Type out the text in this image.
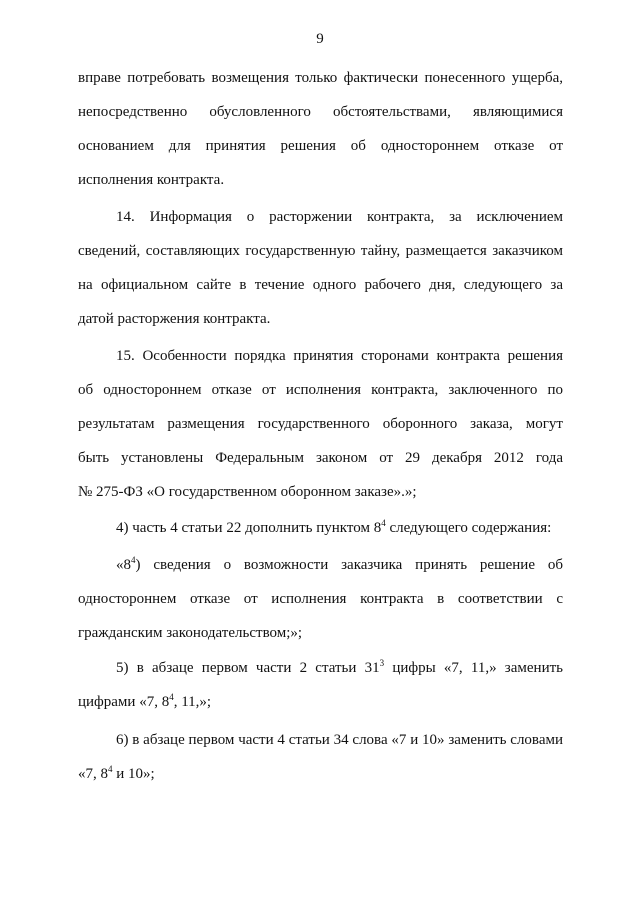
9
вправе потребовать возмещения только фактически понесенного ущерба,
непосредственно обусловленного обстоятельствами, являющимися
основанием для принятия решения об одностороннем отказе от
исполнения контракта.
14. Информация о расторжении контракта, за исключением
сведений, составляющих государственную тайну, размещается заказчиком
на официальном сайте в течение одного рабочего дня, следующего за
датой расторжения контракта.
15. Особенности порядка принятия сторонами контракта решения
об одностороннем отказе от исполнения контракта, заключенного по
результатам размещения государственного оборонного заказа, могут
быть установлены Федеральным законом от 29 декабря 2012 года
№ 275-ФЗ «О государственном оборонном заказе».»;
4) часть 4 статьи 22 дополнить пунктом $8^4$ следующего содержания:
«$8^4$) сведения о возможности заказчика принять решение об
одностороннем отказе от исполнения контракта в соответствии с
гражданским законодательством;»;
5) в абзаце первом части 2 статьи $31^3$ цифры «7, 11,» заменить
цифрами «7, $8^4$, 11,»;
6) в абзаце первом части 4 статьи 34 слова «7 и 10» заменить словами
«7, $8^4$ и 10»;
